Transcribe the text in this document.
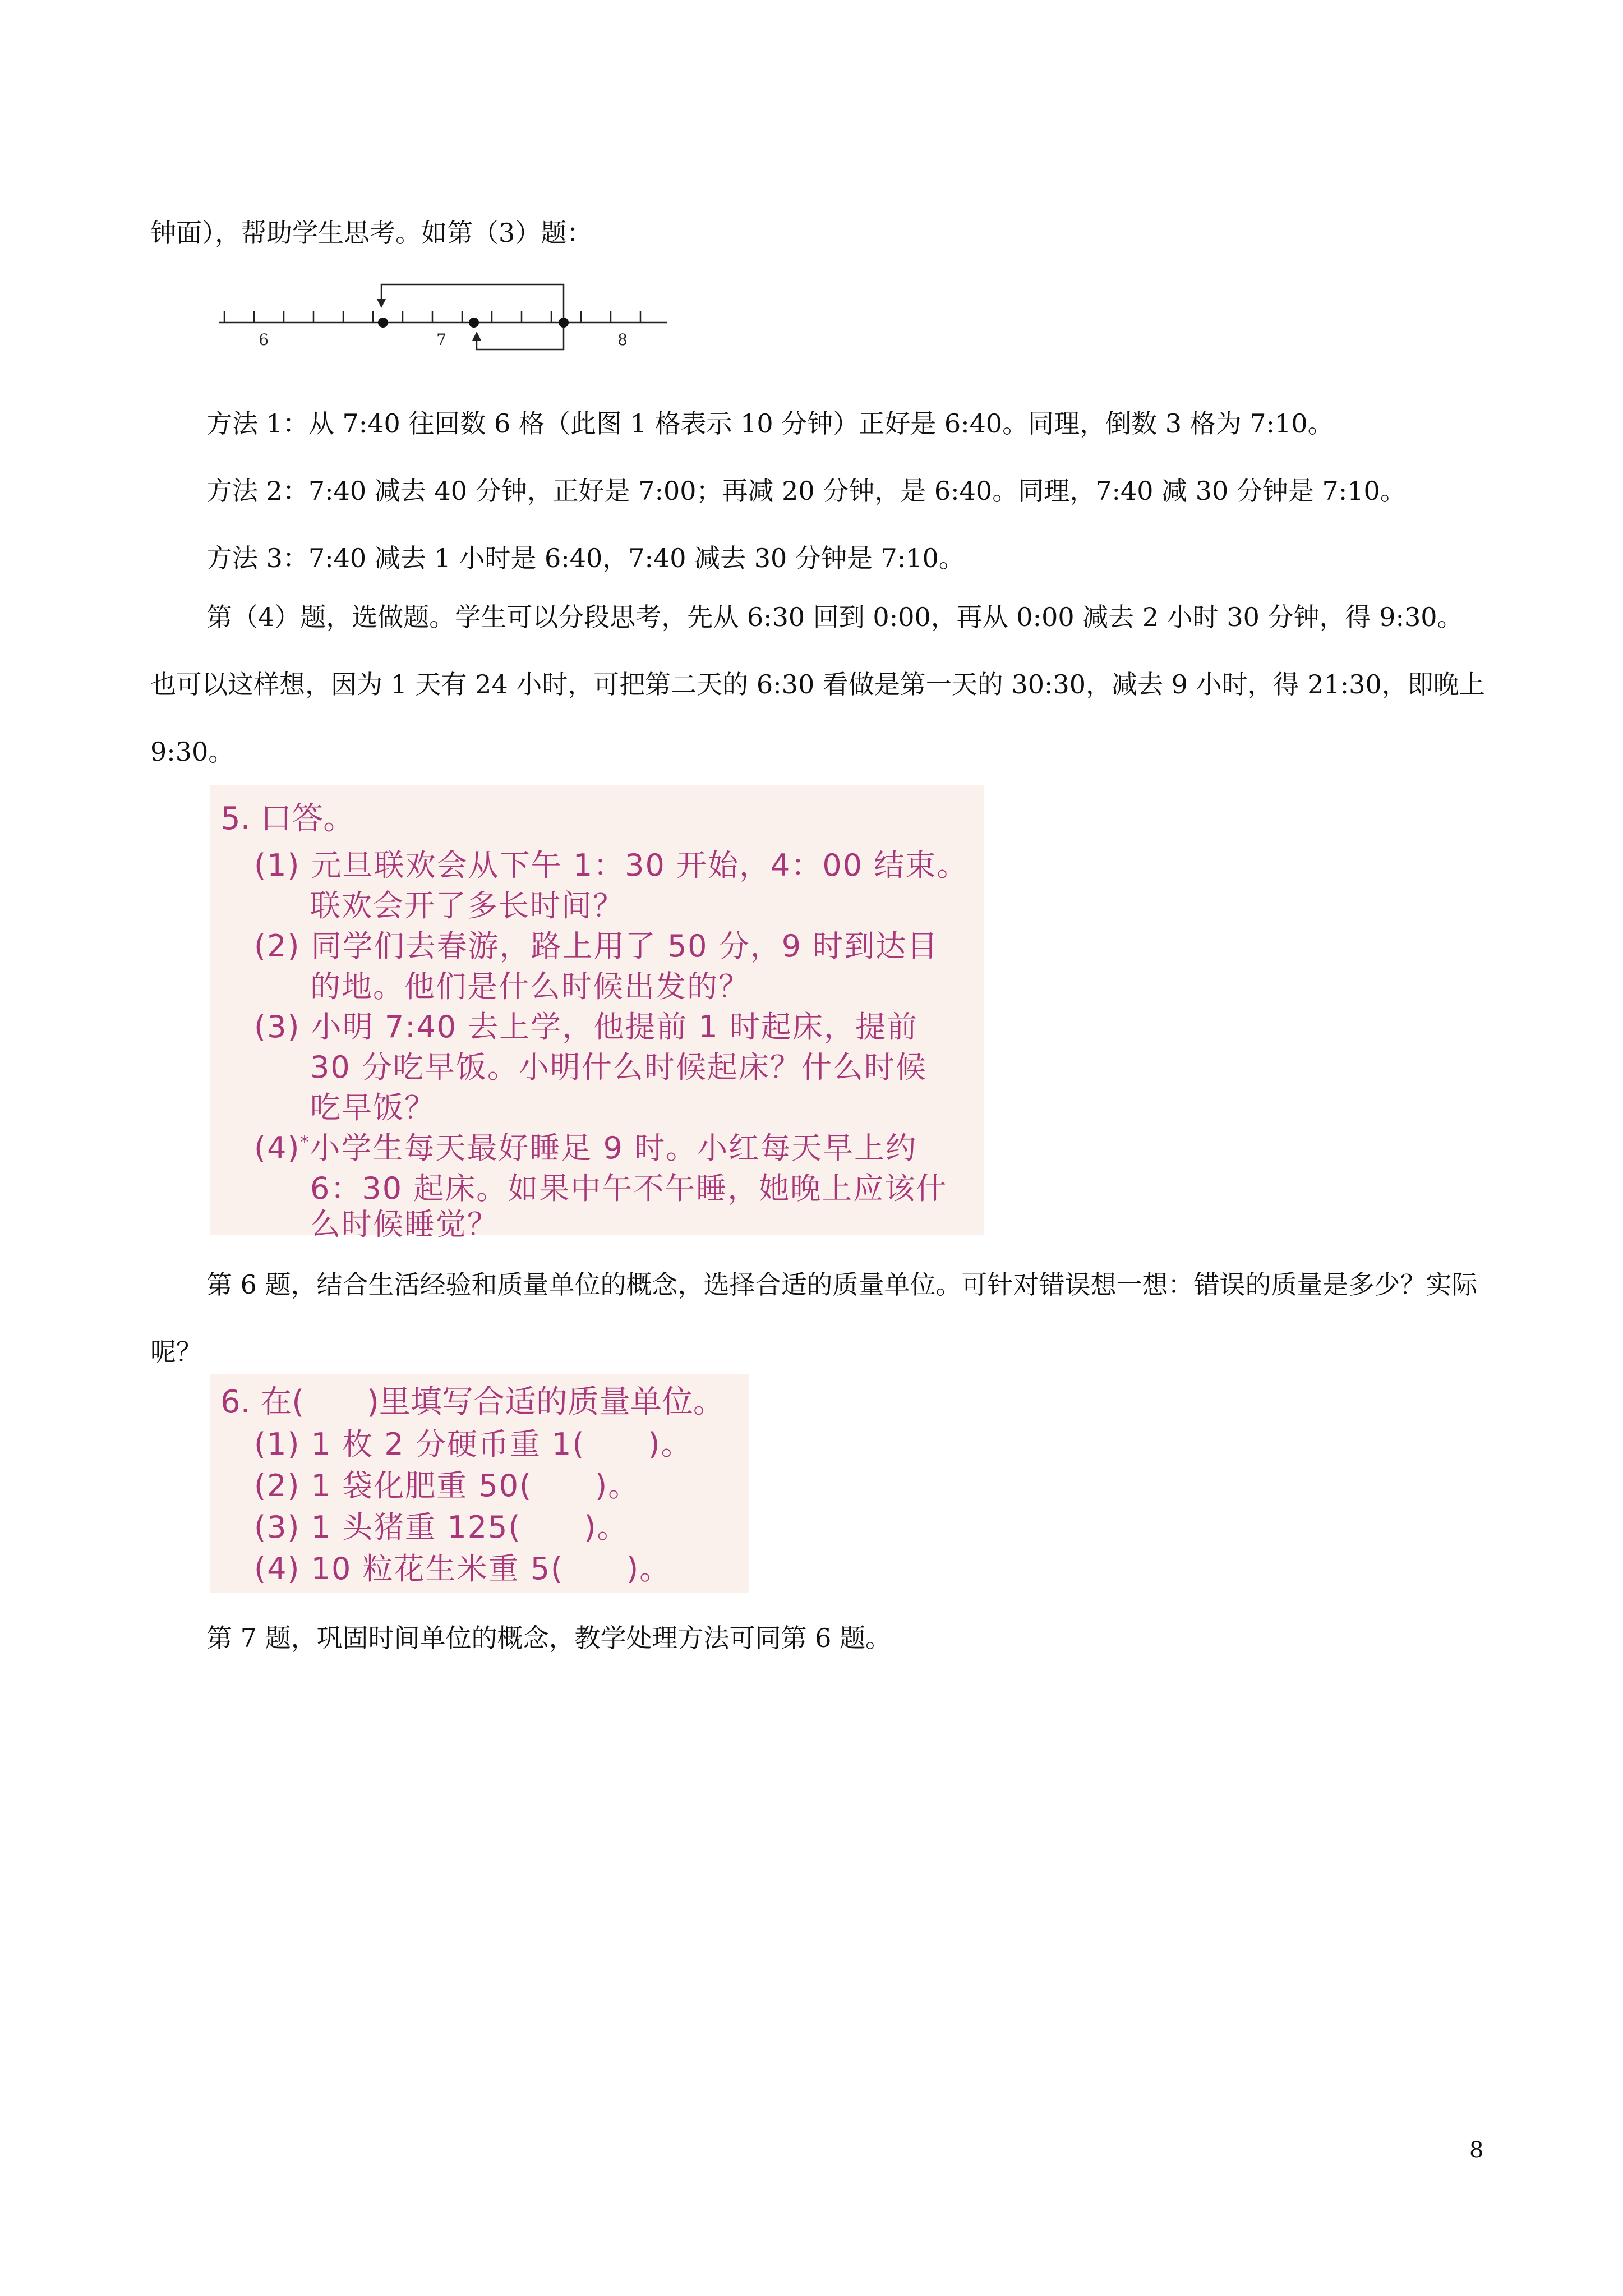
钟面），帮助学生思考。如第（3）题：

6	7	8

方法 1：从 7:40 往回数 6 格（此图 1 格表示 10 分钟）正好是 6:40。同理，倒数 3 格为 7:10。

方法 2：7:40 减去 40 分钟，正好是 7:00；再减 20 分钟，是 6:40。同理，7:40 减 30 分钟是 7:10。

方法 3：7:40 减去 1 小时是 6:40，7:40 减去 30 分钟是 7:10。

第（4）题，选做题。学生可以分段思考，先从 6:30 回到 0:00，再从 0:00 减去 2 小时 30 分钟，得 9:30。也可以这样想，因为 1 天有 24 小时，可把第二天的 6:30 看做是第一天的 30:30，减去 9 小时，得 21:30，即晚上 9:30。

5. 口答。
(1) 元旦联欢会从下午 1：30 开始，4：00 结束。
联欢会开了多长时间？
(2) 同学们去春游，路上用了 50 分，9 时到达目
的地。他们是什么时候出发的？
(3) 小明 7:40 去上学，他提前 1 时起床，提前
30 分吃早饭。小明什么时候起床？什么时候
吃早饭？
(4)*小学生每天最好睡足 9 时。小红每天早上约
6：30 起床。如果中午不午睡，她晚上应该什
么时候睡觉？

第 6 题，结合生活经验和质量单位的概念，选择合适的质量单位。可针对错误想一想：错误的质量是多少？实际呢？

6. 在(　　)里填写合适的质量单位。
(1) 1 枚 2 分硬币重 1(　　)。
(2) 1 袋化肥重 50(　　)。
(3) 1 头猪重 125(　　)。
(4) 10 粒花生米重 5(　　)。

第 7 题，巩固时间单位的概念，教学处理方法可同第 6 题。

8
